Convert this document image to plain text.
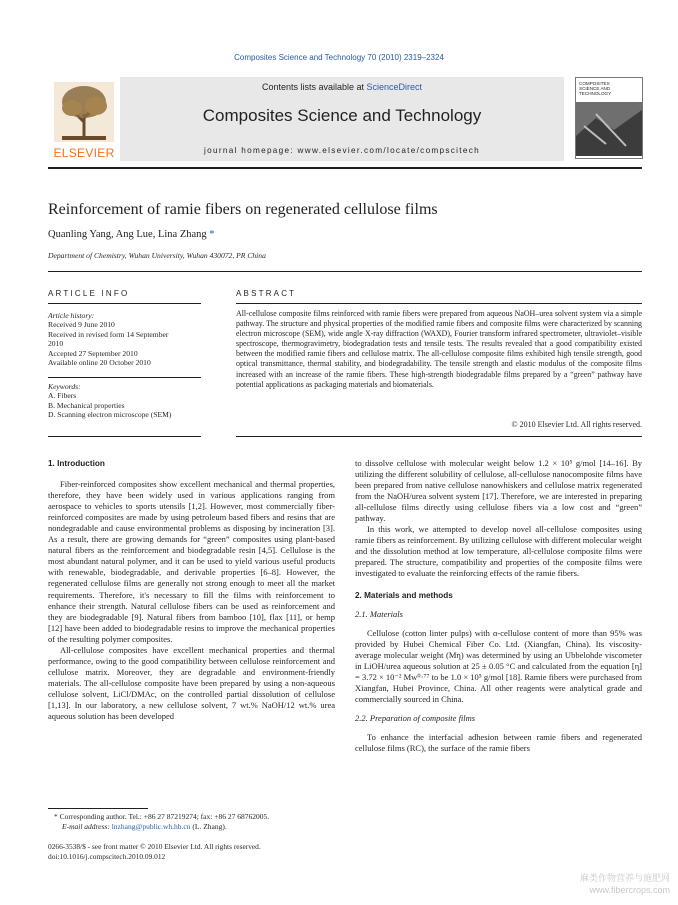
Composites Science and Technology 70 (2010) 2319–2324
ELSEVIER
Contents lists available at ScienceDirect
Composites Science and Technology
journal homepage: www.elsevier.com/locate/compscitech
COMPOSITES
SCIENCE AND
TECHNOLOGY
Reinforcement of ramie fibers on regenerated cellulose films
Quanling Yang, Ang Lue, Lina Zhang *
Department of Chemistry, Wuhan University, Wuhan 430072, PR China
ARTICLE INFO	ABSTRACT
Article history:
Received 9 June 2010
Received in revised form 14 September
2010
Accepted 27 September 2010
Available online 20 October 2010
Keywords:
A. Fibers
B. Mechanical properties
D. Scanning electron microscope (SEM)
All-cellulose composite films reinforced with ramie fibers were prepared from aqueous NaOH–urea solvent system via a simple pathway. The structure and physical properties of the modified ramie fibers and composite films were characterized by scanning electron microscope (SEM), wide angle X-ray diffraction (WAXD), Fourier transform infrared spectrometer, ultraviolet–visible spectroscope, thermogravimetry, biodegradation tests and tensile tests. The results revealed that a good compatibility existed between the modified ramie fibers and cellulose matrix. The all-cellulose composite films exhibited high tensile strength, good optical transmittance, thermal stability, and biodegradability. The tensile strength and elastic modulus of the composite films increased with an increase of the ramie fibers. These high-strength biodegradable films prepared by a “green” pathway have potential applications as packaging materials and biomaterials.
© 2010 Elsevier Ltd. All rights reserved.

1. Introduction

Fiber-reinforced composites show excellent mechanical and thermal properties, therefore, they have been widely used in various applications ranging from aerospace to vehicles to sports utensils [1,2]. However, most commercially fiber-reinforced composites are made by using petroleum based fibers and resins that are nondegradable and cause environmental problems as disposing by incineration [3]. As a result, there are growing demands for “green” composites using plant-based natural fibers as the reinforcement and biodegradable resin [4,5]. Cellulose is the most abundant natural polymer, and it can be used to yield various useful products with renewable, biodegradable, and derivable properties [6–8]. However, the regenerated cellulose films are generally not strong enough to meet all the market requirements. Therefore, it's necessary to fill the films with reinforcement to enhance their strength. Natural cellulose fibers can be used as reinforcement and they are biodegradable [9]. Natural fibers from bamboo [10], flax [11], or hemp [12] have been added to biodegradable resins to improve the mechanical properties of the resulting polymer composites.

All-cellulose composites have excellent mechanical properties and thermal performance, owing to the good compatibility between cellulose reinforcement and cellulose matrix. Moreover, they are degradable and environment-friendly materials. The all-cellulose composite have been prepared by using a non-aqueous cellulose solvent, LiCl/DMAc, on the controlled partial dissolution of cellulose [1,13]. In our laboratory, a new cellulose solvent, 7 wt.% NaOH/12 wt.% urea aqueous solution has been developed

to dissolve cellulose with molecular weight below 1.2 × 10⁵ g/mol [14–16]. By utilizing the different solubility of cellulose, all-cellulose nanocomposite films have been prepared from native cellulose nanowhiskers and cellulose matrix regenerated from the NaOH/urea solvent system [17]. Therefore, we are interested in preparing all-cellulose films directly using cellulose fibers via a low cost and “green” pathway.

In this work, we attempted to develop novel all-cellulose composites using ramie fibers as reinforcement. By utilizing cellulose with different molecular weight and the dissolution method at low temperature, all-cellulose composite films were prepared. The structure, compatibility and properties of the composite films were investigated to evaluate the reinforcing effects of the ramie fibers.

2. Materials and methods

2.1. Materials

Cellulose (cotton linter pulps) with α-cellulose content of more than 95% was provided by Hubei Chemical Fiber Co. Ltd. (Xiangfan, China). Its viscosity-average molecular weight (Mη) was determined by using an Ubbelohde viscometer in LiOH/urea aqueous solution at 25 ± 0.05 °C and calculated from the equation [η] = 3.72 × 10⁻² Mw⁰·⁷⁷ to be 1.0 × 10⁵ g/mol [18]. Ramie fibers were purchased from Xiangfan, Hubei Province, China. All other reagents were analytical grade and commercially sourced in China.

2.2. Preparation of composite films

To enhance the interfacial adhesion between ramie fibers and regenerated cellulose films (RC), the surface of the ramie fibers

* Corresponding author. Tel.: +86 27 87219274; fax: +86 27 68762005.
E-mail address: lnzhang@public.wh.hb.cn (L. Zhang).
0266-3538/$ - see front matter © 2010 Elsevier Ltd. All rights reserved.
doi:10.1016/j.compscitech.2010.09.012
麻类作物营养与施肥网
www.fibercrops.com
